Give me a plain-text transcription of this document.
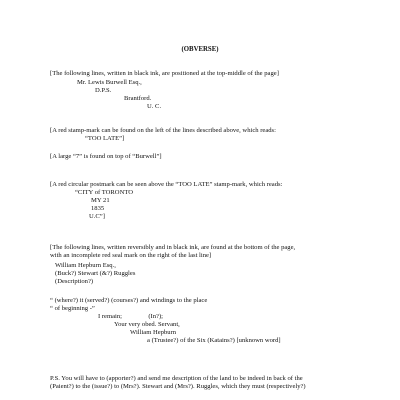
(OBVERSE)
[The following lines, written in black ink, are positioned at the top-middle of the page]
Mr. Lewis Burwell Esq.,
D.P.S.
Brantford.
U. C.
[A red stamp-mark can be found on the left of the lines described above, which reads:
“TOO LATE”]
[A large “7” is found on top of “Burwell”]
[A red circular postmark can be seen above the “TOO LATE” stamp-mark, which reads:
“CITY of TORONTO
MY 21
1835
U.C”]
[The following lines, written reversibly and in black ink, are found at the bottom of the page,
with an incomplete red seal mark on the right of the last line]
William Hepburn Esq.,
(Buck?) Stewart (&?) Ruggles
(Description?)
“ (where?) it (served?) (courses?) and windings to the place
“ of beginning -”
I remain;                (In?);
Your very obed. Servant,
William Hepburn
a (Trustee?) of the Six (Katains?) [unknown word]
P.S. You will have to (apporter?) and send me description of the land to be indeed in back of the
(Paient?) to the (issue?) to (Mrs?). Stewart and (Mrs?). Ruggles, which they must (respectively?)
